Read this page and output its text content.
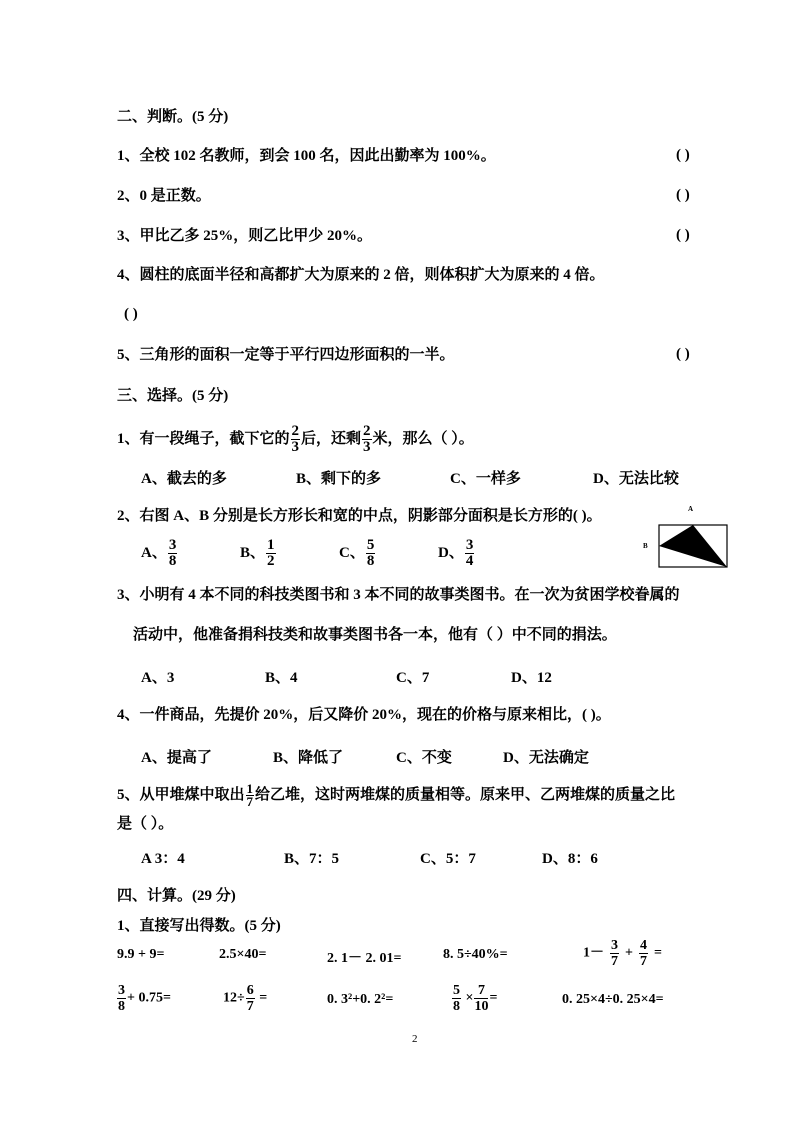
二、判断。(5 分)
1、全校 102 名教师，到会 100 名，因此出勤率为 100%。	( )
2、0 是正数。	( )
3、甲比乙多 25%，则乙比甲少 20%。	( )
4、圆柱的底面半径和高都扩大为原来的 2 倍，则体积扩大为原来的 4 倍。
( )
5、三角形的面积一定等于平行四边形面积的一半。	( )
三、选择。(5 分)
1、有一段绳子，截下它的 $\frac{2}{3}$ 后，还剩 $\frac{2}{3}$ 米，那么（ ）。
A、截去的多	B、剩下的多	C、一样多	D、无法比较
2、右图 A、B 分别是长方形长和宽的中点，阴影部分面积是长方形的( )。
A、 $\frac{3}{8}$	B、 $\frac{1}{2}$	C、 $\frac{5}{8}$	D、 $\frac{3}{4}$
A
B
3、小明有 4 本不同的科技类图书和 3 本不同的故事类图书。在一次为贫困学校眷属的
活动中，他准备捐科技类和故事类图书各一本，他有（ ）中不同的捐法。
A、3	B、4	C、7	D、12
4、一件商品，先提价 20%，后又降价 20%，现在的价格与原来相比，( )。
A、提高了	B、降低了	C、不变	D、无法确定
5、从甲堆煤中取出 $\frac{1}{7}$ 给乙堆，这时两堆煤的质量相等。原来甲、乙两堆煤的质量之比
是（ ）。
A 3：4	B、7：5	C、5：7	D、8：6
四、计算。(29 分)
1、直接写出得数。(5 分)
9.9 + 9=	2.5×40=	2. 1－ 2. 01=	8. 5÷40%=	$1- \frac{3}{7} + \frac{4}{7}$ =
$\frac{3}{8} + 0.75=$	$12\div \frac{6}{7}$ =	0. 3²+0. 2²=	$\frac{5}{8} \times \frac{7}{10}$ =	0. 25×4÷0. 25×4=
2
